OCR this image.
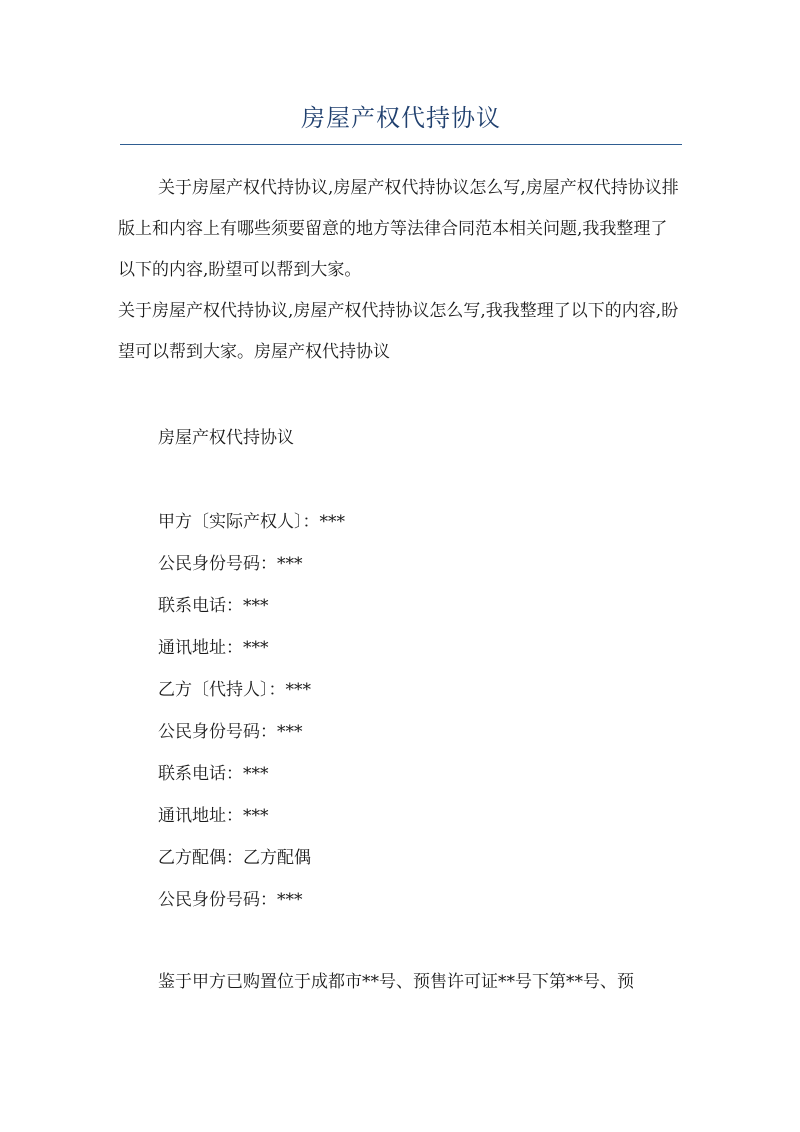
房屋产权代持协议

关于房屋产权代持协议,房屋产权代持协议怎么写,房屋产权代持协议排版上和内容上有哪些须要留意的地方等法律合同范本相关问题,我我整理了以下的内容,盼望可以帮到大家。

关于房屋产权代持协议,房屋产权代持协议怎么写,我我整理了以下的内容,盼望可以帮到大家。房屋产权代持协议

房屋产权代持协议
甲方〔实际产权人〕：***
公民身份号码：***
联系电话：***
通讯地址：***
乙方〔代持人〕：***
公民身份号码：***
联系电话：***
通讯地址：***
乙方配偶：乙方配偶
公民身份号码：***
鉴于甲方已购置位于成都市**号、预售许可证**号下第**号、预
